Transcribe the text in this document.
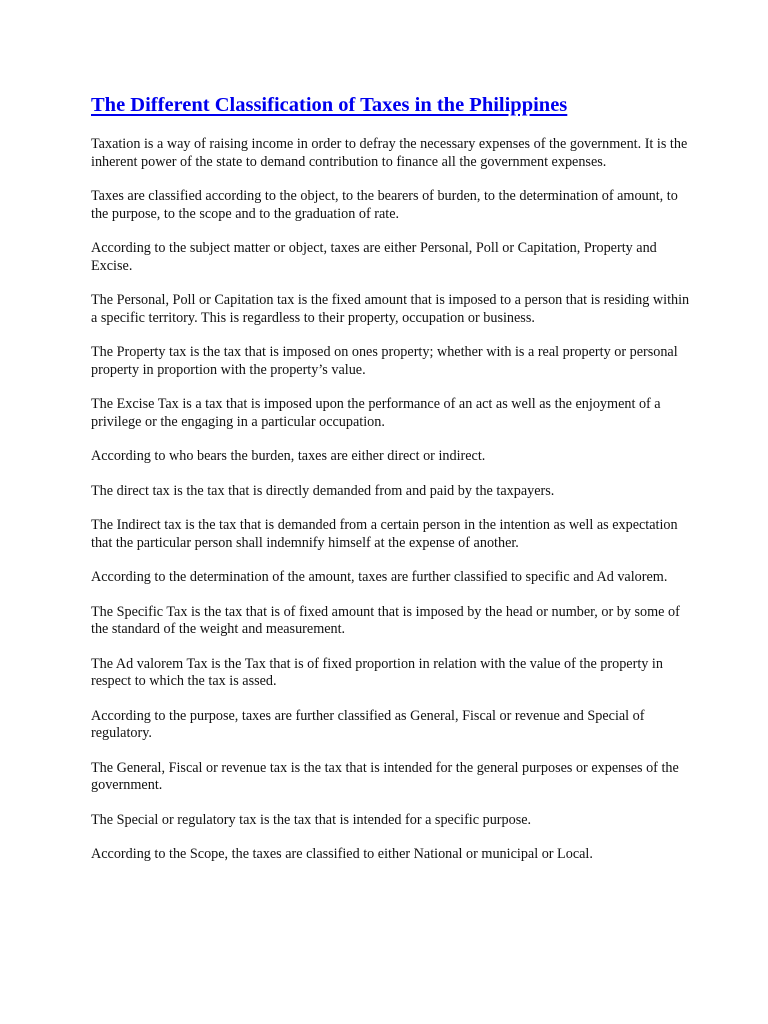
The Different Classification of Taxes in the Philippines

Taxation is a way of raising income in order to defray the necessary expenses of the government. It is the inherent power of the state to demand contribution to finance all the government expenses.

Taxes are classified according to the object, to the bearers of burden, to the determination of amount, to the purpose, to the scope and to the graduation of rate.

According to the subject matter or object, taxes are either Personal, Poll or Capitation, Property and Excise.

The Personal, Poll or Capitation tax is the fixed amount that is imposed to a person that is residing within a specific territory. This is regardless to their property, occupation or business.

The Property tax is the tax that is imposed on ones property; whether with is a real property or personal property in proportion with the property’s value.

The Excise Tax is a tax that is imposed upon the performance of an act as well as the enjoyment of a privilege or the engaging in a particular occupation.

According to who bears the burden, taxes are either direct or indirect.

The direct tax is the tax that is directly demanded from and paid by the taxpayers.

The Indirect tax is the tax that is demanded from a certain person in the intention as well as expectation that the particular person shall indemnify himself at the expense of another.

According to the determination of the amount, taxes are further classified to specific and Ad valorem.

The Specific Tax is the tax that is of fixed amount that is imposed by the head or number, or by some of the standard of the weight and measurement.

The Ad valorem Tax is the Tax that is of fixed proportion in relation with the value of the property in respect to which the tax is assed.

According to the purpose, taxes are further classified as General, Fiscal or revenue and Special of regulatory.

The General, Fiscal or revenue tax is the tax that is intended for the general purposes or expenses of the government.

The Special or regulatory tax is the tax that is intended for a specific purpose.

According to the Scope, the taxes are classified to either National or municipal or Local.
